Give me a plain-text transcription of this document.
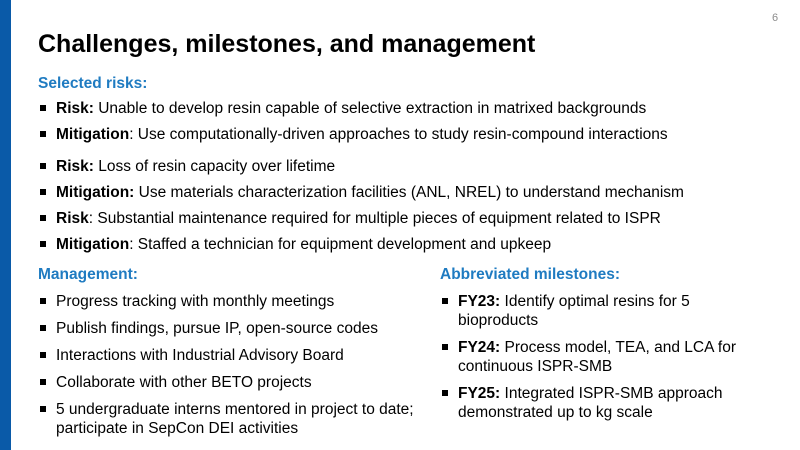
6
Challenges, milestones, and management
Selected risks:
Risk: Unable to develop resin capable of selective extraction in matrixed backgrounds
Mitigation: Use computationally-driven approaches to study resin-compound interactions
Risk: Loss of resin capacity over lifetime
Mitigation: Use materials characterization facilities (ANL, NREL) to understand mechanism
Risk: Substantial maintenance required for multiple pieces of equipment related to ISPR
Mitigation: Staffed a technician for equipment development and upkeep
Management:
Progress tracking with monthly meetings
Publish findings, pursue IP, open-source codes
Interactions with Industrial Advisory Board
Collaborate with other BETO projects
5 undergraduate interns mentored in project to date; participate in SepCon DEI activities
Abbreviated milestones:
FY23: Identify optimal resins for 5 bioproducts
FY24: Process model, TEA, and LCA for continuous ISPR-SMB
FY25: Integrated ISPR-SMB approach demonstrated up to kg scale
